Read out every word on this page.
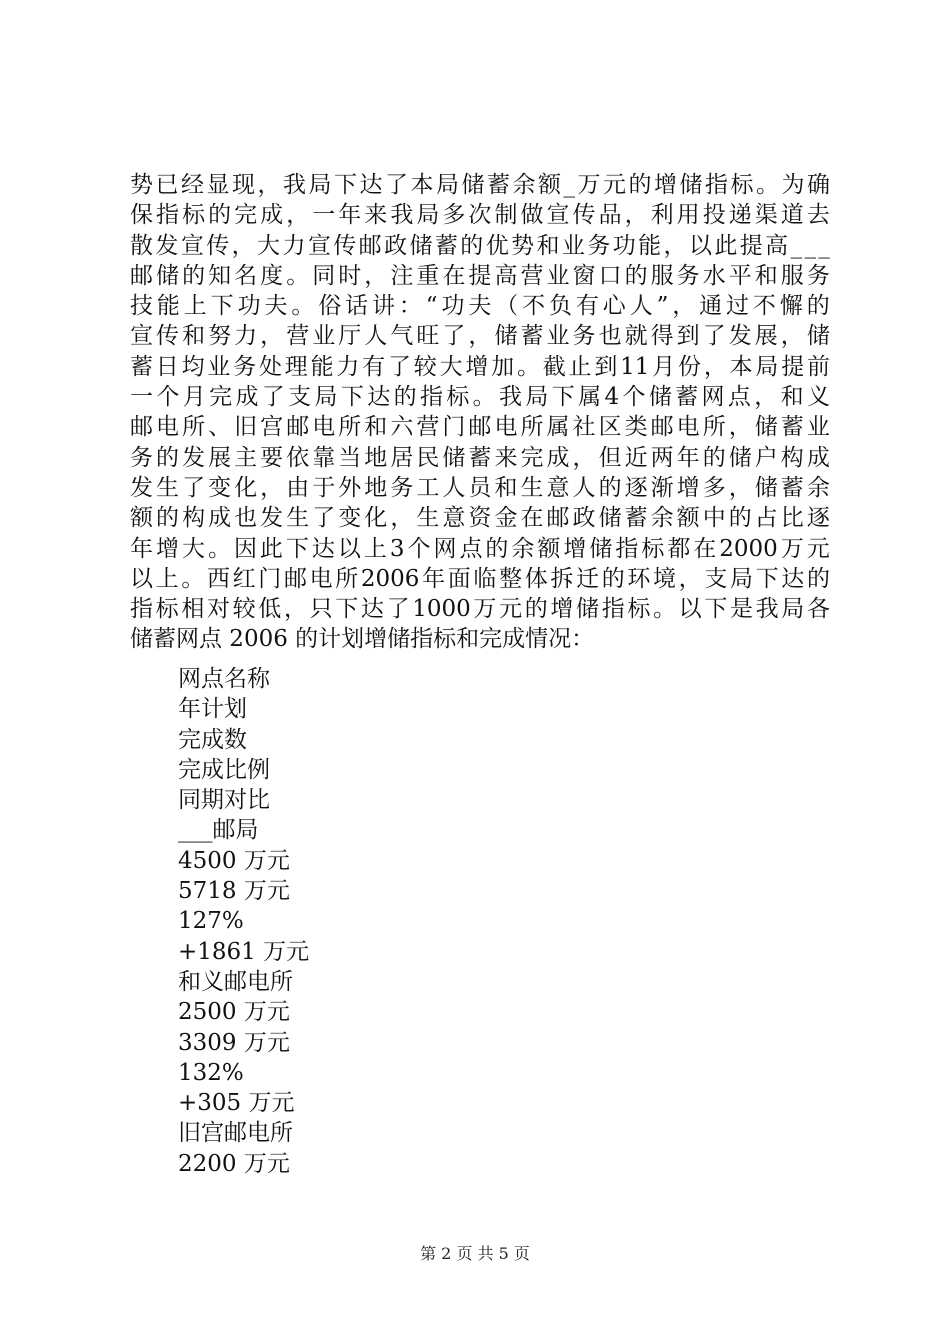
势 已 经 显 现 ， 我 局 下 达 了 本 局 储 蓄 余 额 _ 万 元 的 增 储 指 标 。 为 确
保 指 标 的 完 成 ， 一 年 来 我 局 多 次 制 做 宣 传 品 ， 利 用 投 递 渠 道 去
散 发 宣 传 ， 大 力 宣 传 邮 政 储 蓄 的 优 势 和 业 务 功 能 ， 以 此 提 高 _ _ _
邮 储 的 知 名 度 。 同 时 ， 注 重 在 提 高 营 业 窗 口 的 服 务 水 平 和 服 务
技 能 上 下 功 夫 。 俗 话 讲 ： “ 功 夫 （ 不 负 有 心 人 ” ， 通 过 不 懈 的
宣 传 和 努 力 ， 营 业 厅 人 气 旺 了 ， 储 蓄 业 务 也 就 得 到 了 发 展 ， 储
蓄 日 均 业 务 处 理 能 力 有 了 较 大 增 加 。 截 止 到 11 月 份 ， 本 局 提 前
一 个 月 完 成 了 支 局 下 达 的 指 标 。 我 局 下 属 4 个 储 蓄 网 点 ， 和 义
邮 电 所 、 旧 宫 邮 电 所 和 六 营 门 邮 电 所 属 社 区 类 邮 电 所 ， 储 蓄 业
务 的 发 展 主 要 依 靠 当 地 居 民 储 蓄 来 完 成 ， 但 近 两 年 的 储 户 构 成
发 生 了 变 化 ， 由 于 外 地 务 工 人 员 和 生 意 人 的 逐 渐 增 多 ， 储 蓄 余
额 的 构 成 也 发 生 了 变 化 ， 生 意 资 金 在 邮 政 储 蓄 余 额 中 的 占 比 逐
年 增 大 。 因 此 下 达 以 上 3 个 网 点 的 余 额 增 储 指 标 都 在 2000 万 元
以 上 。 西 红 门 邮 电 所 2006 年 面 临 整 体 拆 迁 的 环 境 ， 支 局 下 达 的
指 标 相 对 较 低 ， 只 下 达 了 1000 万 元 的 增 储 指 标 。 以 下 是 我 局 各
储蓄网点 2006 的计划增储指标和完成情况：
网点名称
年计划
完成数
完成比例
同期对比
___邮局
4500 万元
5718 万元
127%
+1861 万元
和义邮电所
2500 万元
3309 万元
132%
+305 万元
旧宫邮电所
2200 万元
第 2 页 共 5 页
